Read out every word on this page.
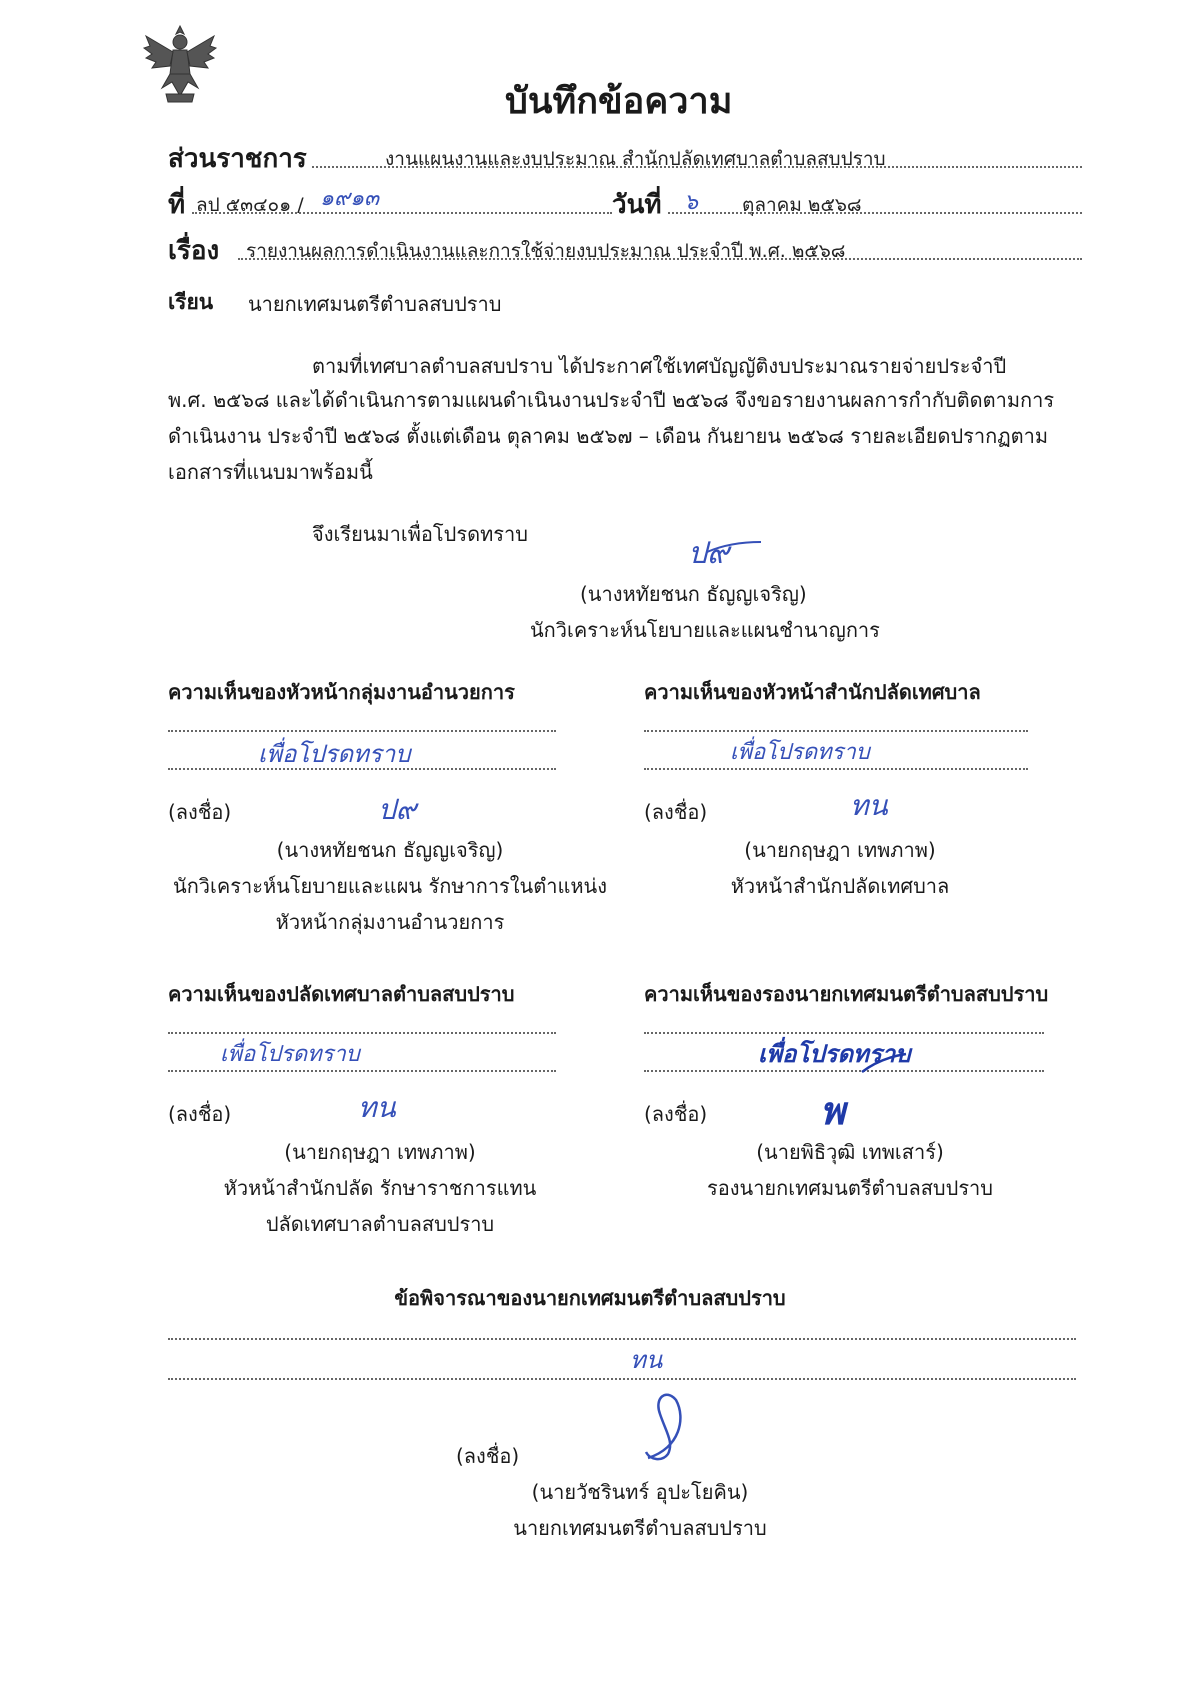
บันทึกข้อความ
ส่วนราชการ	งานแผนงานและงบประมาณ สำนักปลัดเทศบาลตำบลสบปราบ
ที่ ลป ๕๓๔๐๑ / ๑๙๑๓	วันที่ ๖ ตุลาคม ๒๕๖๘
เรื่อง รายงานผลการดำเนินงานและการใช้จ่ายงบประมาณ ประจำปี พ.ศ. ๒๕๖๘
เรียน นายกเทศมนตรีตำบลสบปราบ
ตามที่เทศบาลตำบลสบปราบ ได้ประกาศใช้เทศบัญญัติงบประมาณรายจ่ายประจำปี
พ.ศ. ๒๕๖๘ และได้ดำเนินการตามแผนดำเนินงานประจำปี ๒๕๖๘ จึงขอรายงานผลการกำกับติดตามการ
ดำเนินงาน ประจำปี ๒๕๖๘ ตั้งแต่เดือน ตุลาคม ๒๕๖๗ – เดือน กันยายน ๒๕๖๘ รายละเอียดปรากฏตาม
เอกสารที่แนบมาพร้อมนี้
จึงเรียนมาเพื่อโปรดทราบ
ป๙
(นางหทัยชนก ธัญญเจริญ)
นักวิเคราะห์นโยบายและแผนชำนาญการ
ความเห็นของหัวหน้ากลุ่มงานอำนวยการ
เพื่อโปรดทราบ
(ลงชื่อ)	ป๙
(นางหทัยชนก ธัญญเจริญ)
นักวิเคราะห์นโยบายและแผน รักษาการในตำแหน่ง
หัวหน้ากลุ่มงานอำนวยการ
ความเห็นของหัวหน้าสำนักปลัดเทศบาล
เพื่อโปรดทราบ
(ลงชื่อ)	ทน
(นายกฤษฎา เทพภาพ)
หัวหน้าสำนักปลัดเทศบาล
ความเห็นของปลัดเทศบาลตำบลสบปราบ
เพื่อโปรดทราบ
(ลงชื่อ)	ทน
(นายกฤษฎา เทพภาพ)
หัวหน้าสำนักปลัด รักษาราชการแทน
ปลัดเทศบาลตำบลสบปราบ
ความเห็นของรองนายกเทศมนตรีตำบลสบปราบ
เพื่อโปรดทราบ
(ลงชื่อ)	พ
(นายพิธิวุฒิ เทพเสาร์)
รองนายกเทศมนตรีตำบลสบปราบ
ข้อพิจารณาของนายกเทศมนตรีตำบลสบปราบ
ทน
(ลงชื่อ)
(นายวัชรินทร์ อุปะโยคิน)
นายกเทศมนตรีตำบลสบปราบ
